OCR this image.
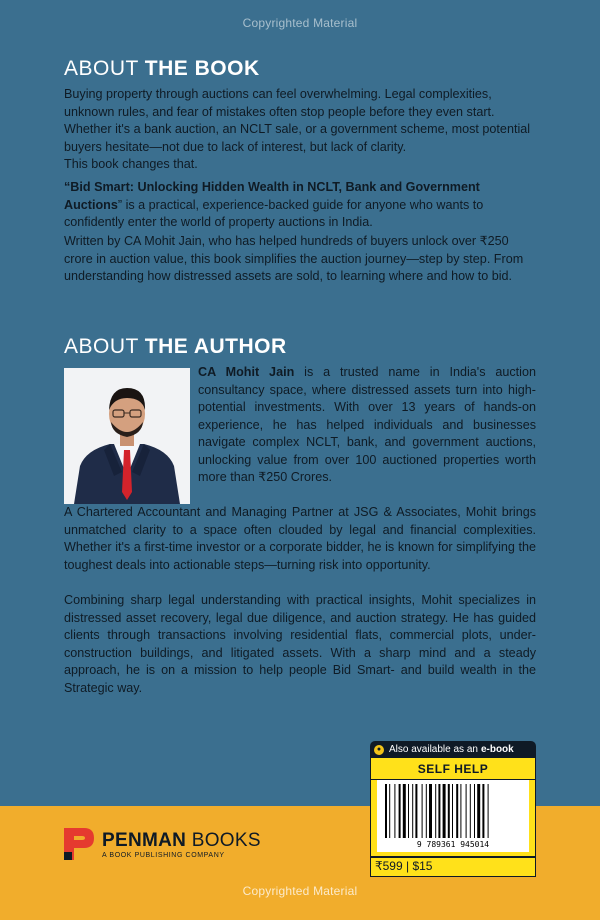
Copyrighted Material
ABOUT THE BOOK
Buying property through auctions can feel overwhelming. Legal complexities, unknown rules, and fear of mistakes often stop people before they even start. Whether it's a bank auction, an NCLT sale, or a government scheme, most potential buyers hesitate—not due to lack of interest, but lack of clarity.
This book changes that.
“Bid Smart: Unlocking Hidden Wealth in NCLT, Bank and Government Auctions” is a practical, experience-backed guide for anyone who wants to confidently enter the world of property auctions in India.
Written by CA Mohit Jain, who has helped hundreds of buyers unlock over ₹250 crore in auction value, this book simplifies the auction journey—step by step. From understanding how distressed assets are sold, to learning where and how to bid.
ABOUT THE AUTHOR
CA Mohit Jain is a trusted name in India's auction consultancy space, where distressed assets turn into high-potential investments. With over 13 years of hands-on experience, he has helped individuals and businesses navigate complex NCLT, bank, and government auctions, unlocking value from over 100 auctioned properties worth more than ₹250 Crores.
A Chartered Accountant and Managing Partner at JSG & Associates, Mohit brings unmatched clarity to a space often clouded by legal and financial complexities. Whether it's a first-time investor or a corporate bidder, he is known for simplifying the toughest deals into actionable steps—turning risk into opportunity.
Combining sharp legal understanding with practical insights, Mohit specializes in distressed asset recovery, legal due diligence, and auction strategy. He has guided clients through transactions involving residential flats, commercial plots, under-construction buildings, and litigated assets. With a sharp mind and a steady approach, he is on a mission to help people Bid Smart- and build wealth in the Strategic way.
● Also available as an e-book
SELF HELP
9 789361 945014
₹599 | $15
PENMAN BOOKS
A BOOK PUBLISHING COMPANY
Copyrighted Material
